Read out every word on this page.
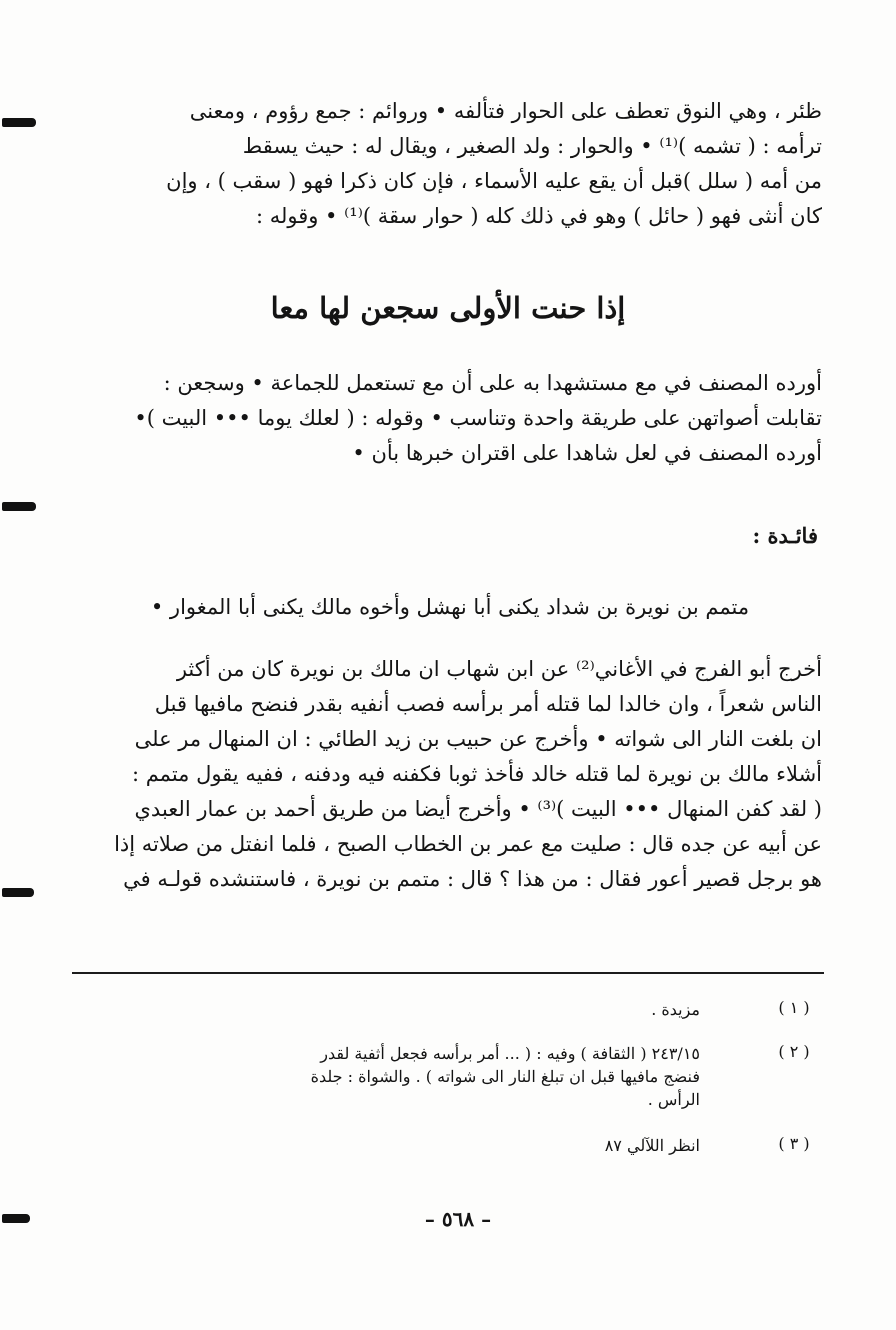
ظئر ، وهي النوق تعطف على الحوار فتألفه • وروائم : جمع رؤوم ، ومعنى
ترأمه : ( تشمه )⁽¹⁾ • والحوار : ولد الصغير ، ويقال له : حيث يسقط
من أمه ( سلل )قبل أن يقع عليه الأسماء ، فإن كان ذكرا فهو ( سقب ) ، وإن
كان أنثى فهو ( حائل ) وهو في ذلك كله ( حوار سقة )⁽¹⁾ • وقوله :
إذا حنت الأولى سجعن لها معا
أورده المصنف في مع مستشهدا به على أن مع تستعمل للجماعة • وسجعن :
تقابلت أصواتهن على طريقة واحدة وتناسب • وقوله : ( لعلك يوما ••• البيت )•
أورده المصنف في لعل شاهدا على اقتران خبرها بأن •
فائـدة :
متمم بن نويرة بن شداد يكنى أبا نهشل وأخوه مالك يكنى أبا المغوار •
أخرج أبو الفرج في الأغاني⁽²⁾ عن ابن شهاب ان مالك بن نويرة كان من أكثر
الناس شعراً ، وان خالدا لما قتله أمر برأسه فصب أنفيه بقدر فنضح مافيها قبل
ان بلغت النار الى شواته • وأخرج عن حبيب بن زيد الطائي : ان المنهال مر على
أشلاء مالك بن نويرة لما قتله خالد فأخذ ثوبا فكفنه فيه ودفنه ، ففيه يقول متمم :
( لقد كفن المنهال ••• البيت )⁽³⁾ • وأخرج أيضا من طريق أحمد بن عمار العبدي
عن أبيه عن جده قال : صليت مع عمر بن الخطاب الصبح ، فلما انفتل من صلاته إذا
هو برجل قصير أعور فقال : من هذا ؟ قال : متمم بن نويرة ، فاستنشده قولـه في
( ١ )
مزيدة .
( ٢ )
٢٤٣/١٥ ( الثقافة ) وفيه : ( ... أمر برأسه فجعل أثفية لقدر
فنضج مافيها قبل ان تبلغ النار الى شواته ) . والشواة : جلدة
الرأس .
( ٣ )
انظر اللآلي ٨٧
– ٥٦٨ –
